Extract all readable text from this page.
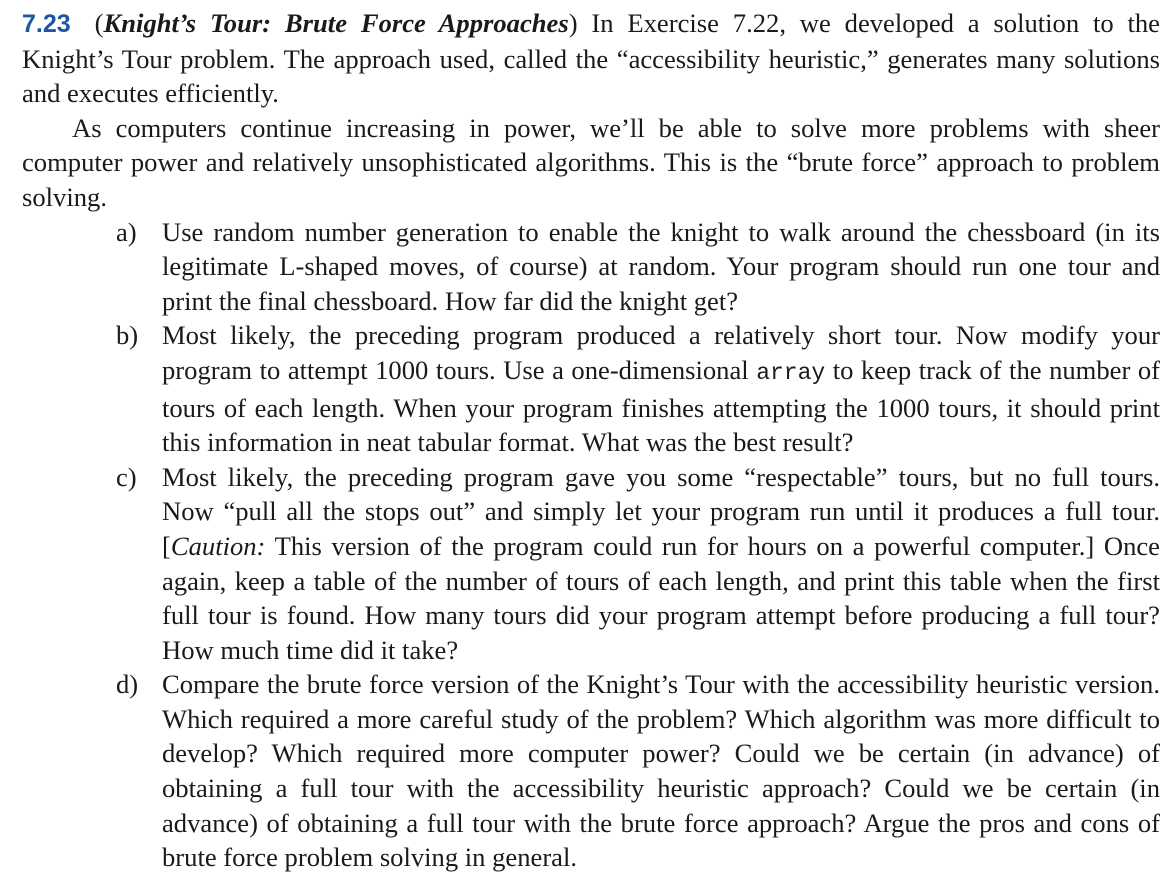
7.23 (Knight’s Tour: Brute Force Approaches) In Exercise 7.22, we developed a solution to the Knight’s Tour problem. The approach used, called the “accessibility heuristic,” generates many solutions and executes efficiently.

As computers continue increasing in power, we’ll be able to solve more problems with sheer computer power and relatively unsophisticated algorithms. This is the “brute force” approach to problem solving.

a) Use random number generation to enable the knight to walk around the chessboard (in its legitimate L-shaped moves, of course) at random. Your program should run one tour and print the final chessboard. How far did the knight get?

b) Most likely, the preceding program produced a relatively short tour. Now modify your program to attempt 1000 tours. Use a one-dimensional array to keep track of the number of tours of each length. When your program finishes attempting the 1000 tours, it should print this information in neat tabular format. What was the best result?

c) Most likely, the preceding program gave you some “respectable” tours, but no full tours. Now “pull all the stops out” and simply let your program run until it produces a full tour. [Caution: This version of the program could run for hours on a powerful computer.] Once again, keep a table of the number of tours of each length, and print this table when the first full tour is found. How many tours did your program attempt before producing a full tour? How much time did it take?

d) Compare the brute force version of the Knight’s Tour with the accessibility heuristic version. Which required a more careful study of the problem? Which algorithm was more difficult to develop? Which required more computer power? Could we be certain (in advance) of obtaining a full tour with the accessibility heuristic approach? Could we be certain (in advance) of obtaining a full tour with the brute force approach? Argue the pros and cons of brute force problem solving in general.
